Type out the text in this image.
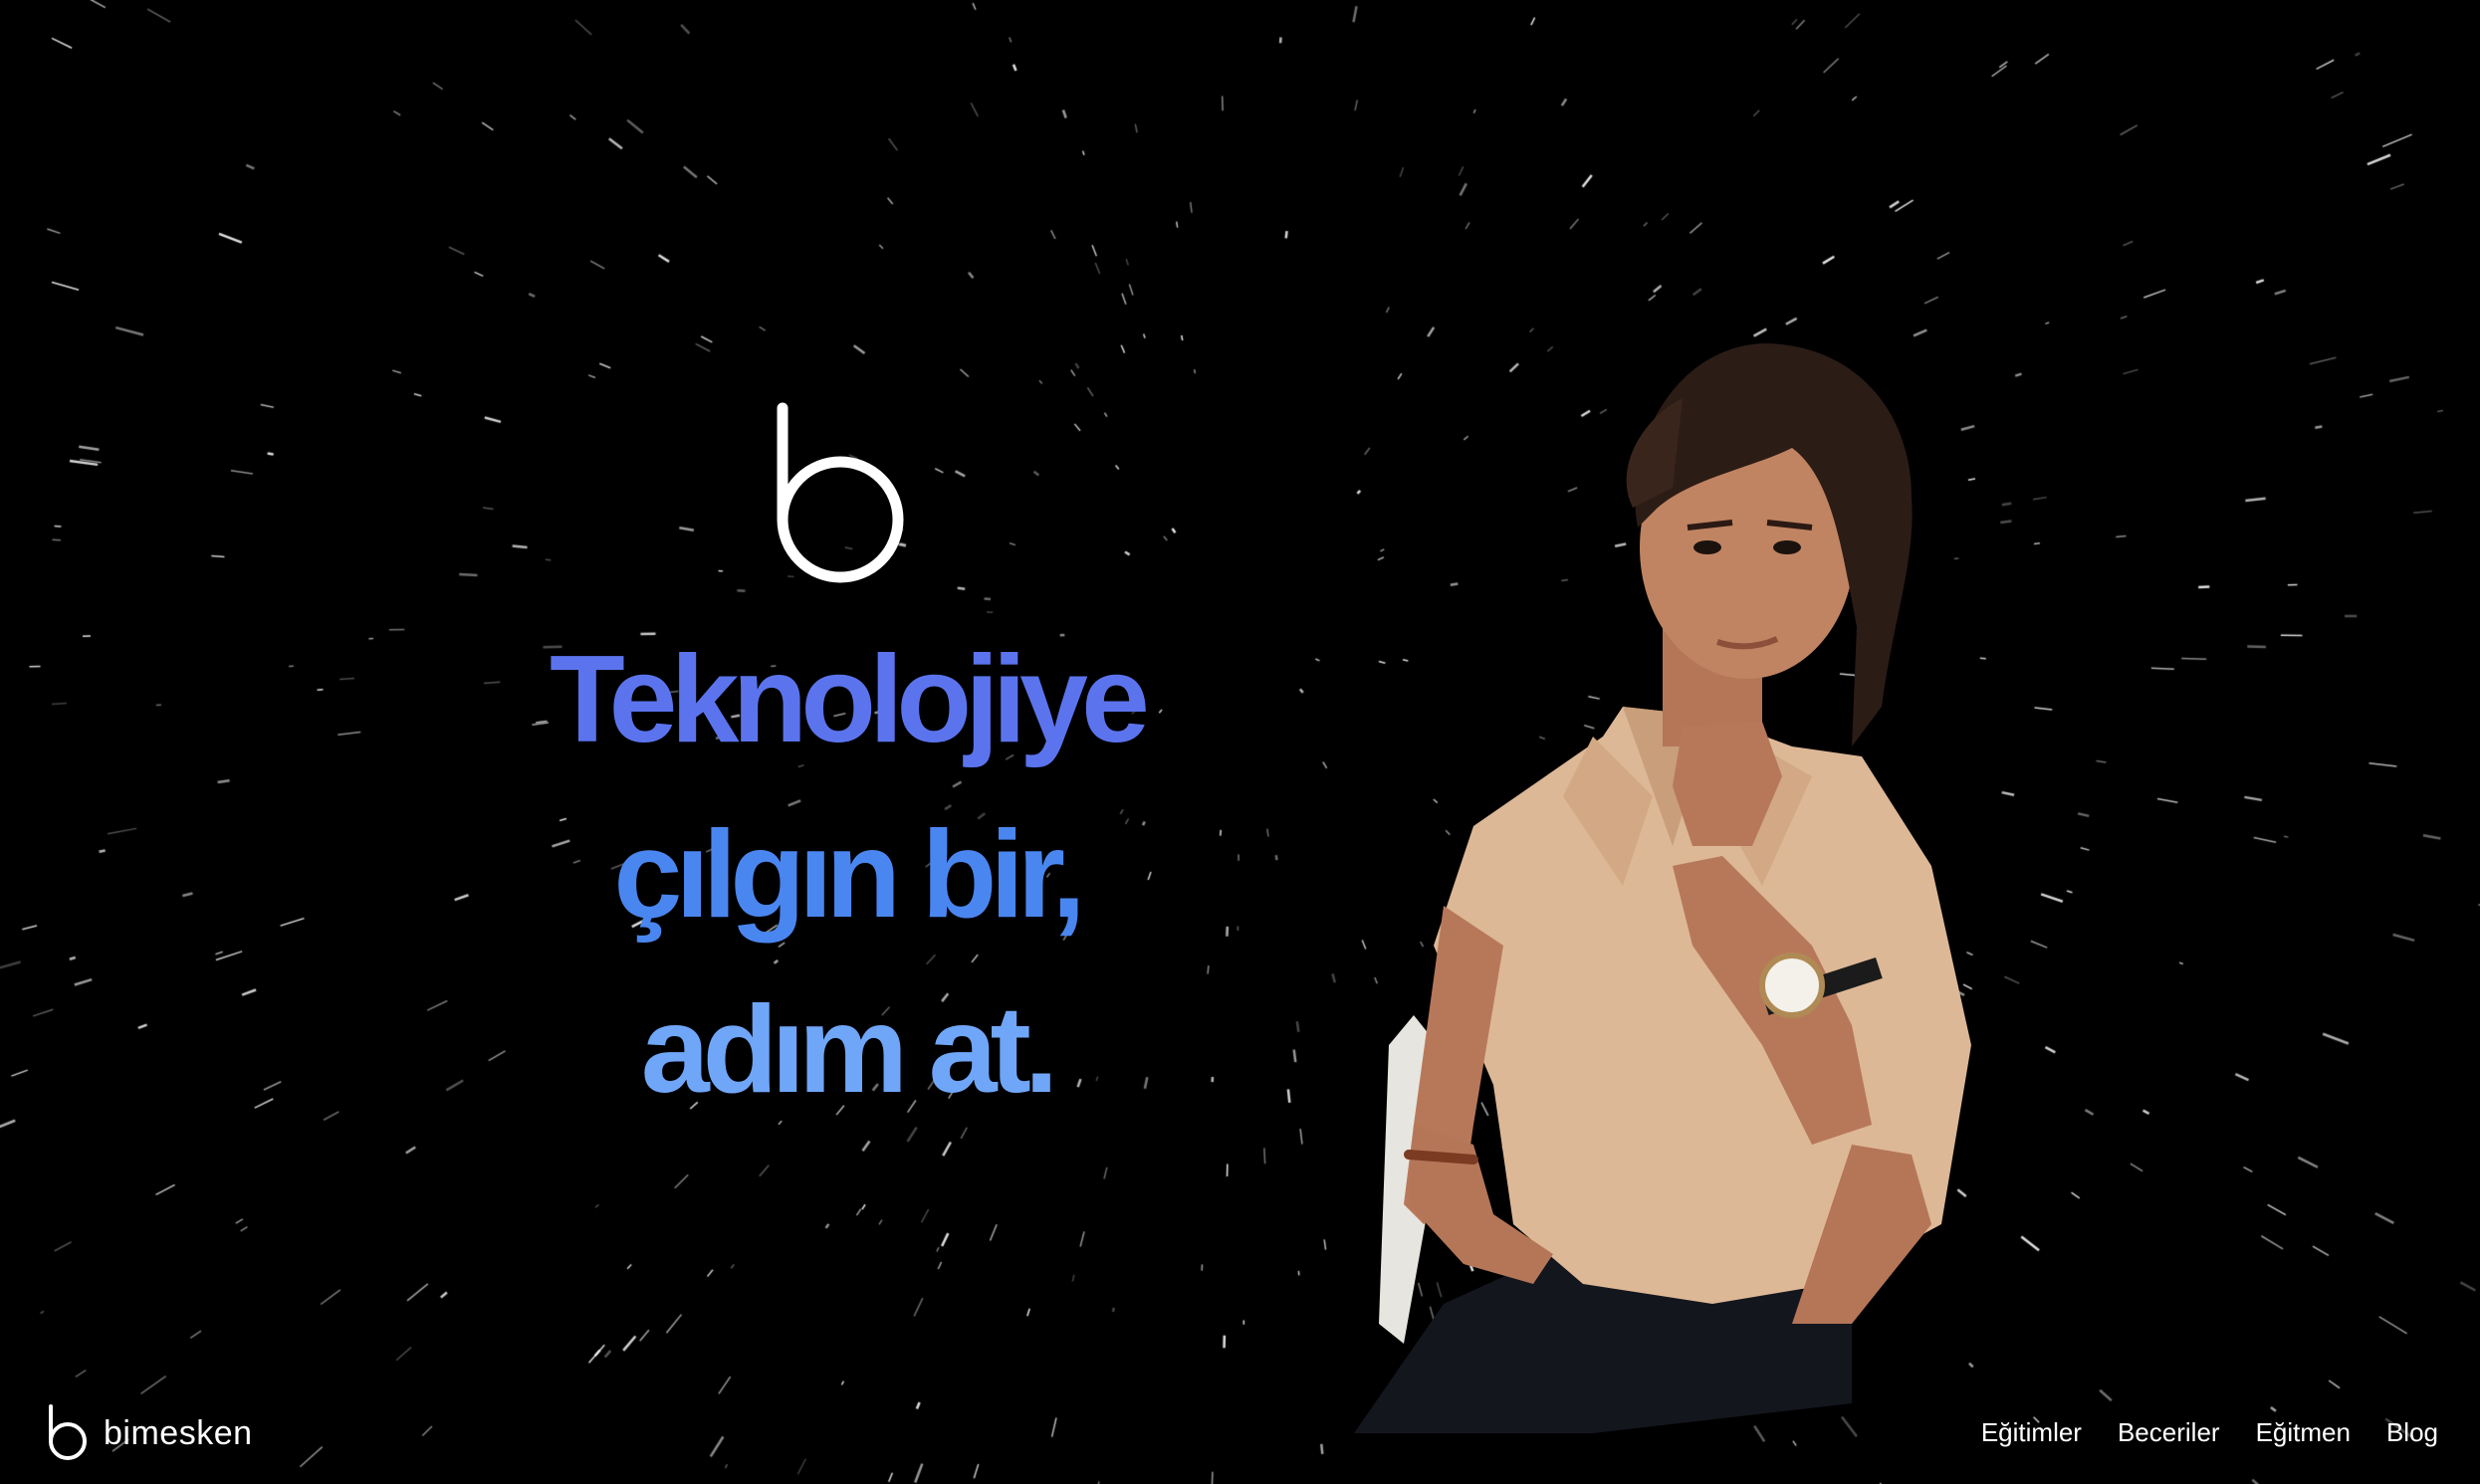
Teknolojiye
çılgın bir,
adım at.
bimesken	Eğitimler Beceriler Eğitmen Blog
